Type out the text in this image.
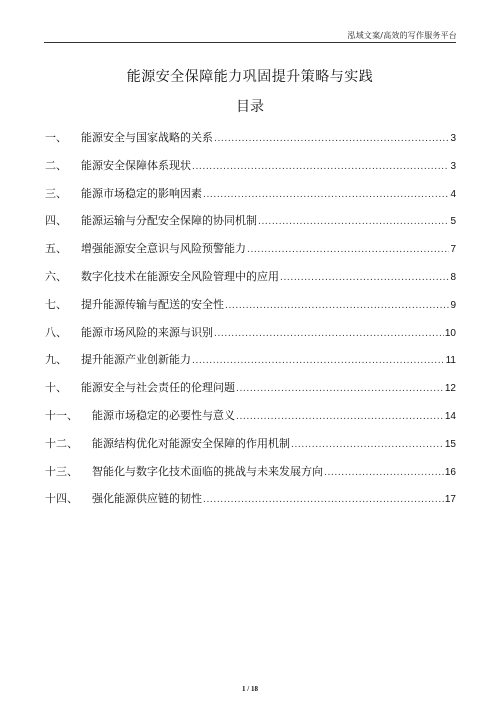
泓域文案/高效的写作服务平台
能源安全保障能力巩固提升策略与实践
目录
一、	能源安全与国家战略的关系 .....	3
二、	能源安全保障体系现状 .....	3
三、	能源市场稳定的影响因素 .....	4
四、	能源运输与分配安全保障的协同机制 .....	5
五、	增强能源安全意识与风险预警能力 .....	7
六、	数字化技术在能源安全风险管理中的应用 .....	8
七、	提升能源传输与配送的安全性 .....	9
八、	能源市场风险的来源与识别 .....	10
九、	提升能源产业创新能力 .....	11
十、	能源安全与社会责任的伦理问题 .....	12
十一、	能源市场稳定的必要性与意义 .....	14
十二、	能源结构优化对能源安全保障的作用机制 .....	15
十三、	智能化与数字化技术面临的挑战与未来发展方向 .....	16
十四、	强化能源供应链的韧性 .....	17
1 / 18
